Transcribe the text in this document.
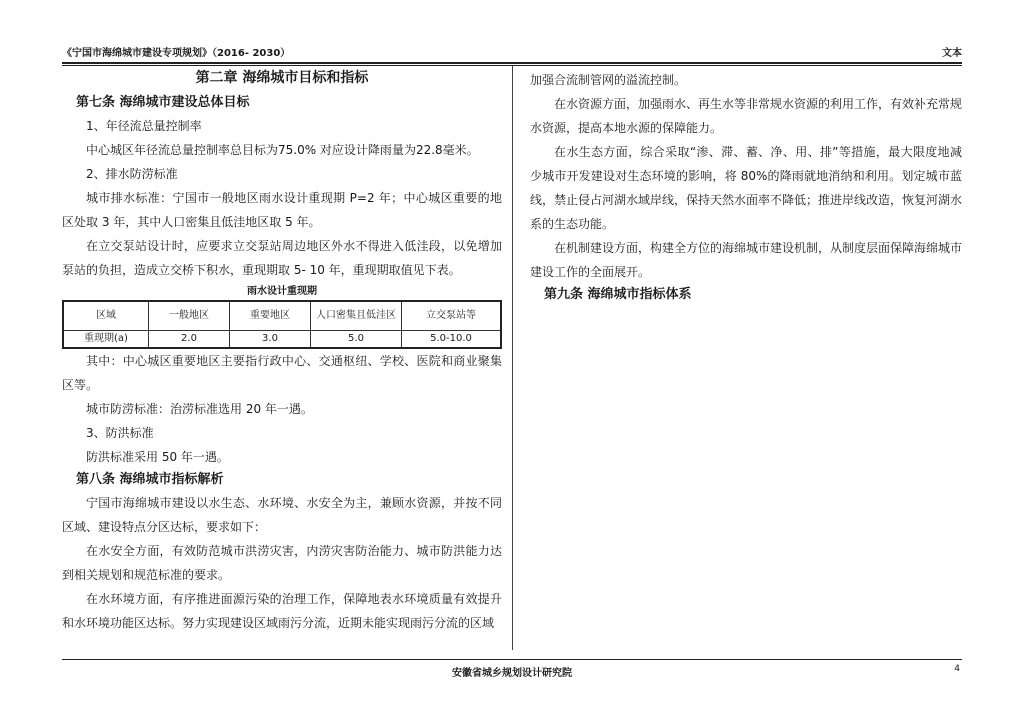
《宁国市海绵城市建设专项规划》（2016- 2030）	文本
第二章 海绵城市目标和指标
第七条 海绵城市建设总体目标

1、年径流总量控制率

中心城区年径流总量控制率总目标为75.0% 对应设计降雨量为22.8毫米。

2、排水防涝标准

城市排水标准：宁国市一般地区雨水设计重现期 P=2 年；中心城区重要的地区处取 3 年，其中人口密集且低洼地区取 5 年。

在立交泵站设计时，应要求立交泵站周边地区外水不得进入低洼段，以免增加泵站的负担，造成立交桥下积水，重现期取 5- 10 年，重现期取值见下表。

雨水设计重现期
区域	一般地区	重要地区	人口密集且低洼区	立交泵站等
重现期(a)	2.0	3.0	5.0	5.0-10.0

其中：中心城区重要地区主要指行政中心、交通枢纽、学校、医院和商业聚集区等。

城市防涝标准：治涝标准选用 20 年一遇。

3、防洪标准

防洪标准采用 50 年一遇。

第八条 海绵城市指标解析

宁国市海绵城市建设以水生态、水环境、水安全为主，兼顾水资源，并按不同区域、建设特点分区达标，要求如下：

在水安全方面，有效防范城市洪涝灾害，内涝灾害防治能力、城市防洪能力达到相关规划和规范标准的要求。

在水环境方面，有序推进面源污染的治理工作，保障地表水环境质量有效提升和水环境功能区达标。努力实现建设区域雨污分流，近期未能实现雨污分流的区域

加强合流制管网的溢流控制。

在水资源方面，加强雨水、再生水等非常规水资源的利用工作，有效补充常规水资源，提高本地水源的保障能力。

在水生态方面，综合采取“渗、滞、蓄、净、用、排”等措施，最大限度地减少城市开发建设对生态环境的影响，将 80%的降雨就地消纳和利用。划定城市蓝线，禁止侵占河湖水域岸线，保持天然水面率不降低；推进岸线改造，恢复河湖水系的生态功能。

在机制建设方面，构建全方位的海绵城市建设机制，从制度层面保障海绵城市建设工作的全面展开。

第九条 海绵城市指标体系
安徽省城乡规划设计研究院	4
